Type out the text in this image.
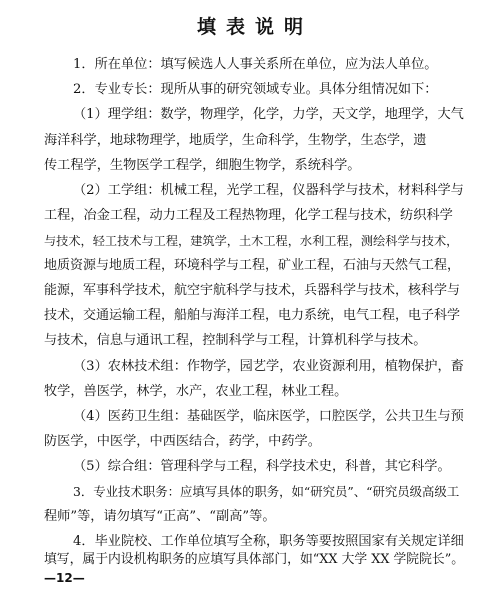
填表说明
1．所在单位：填写候选人人事关系所在单位，应为法人单位。
2．专业专长：现所从事的研究领域专业。具体分组情况如下：
（1）理学组：数学，物理学，化学，力学，天文学，地理学，大气
海洋科学，地球物理学，地质学，生命科学，生物学，生态学，遗
传工程学，生物医学工程学，细胞生物学，系统科学。
（2）工学组：机械工程，光学工程，仪器科学与技术，材料科学与
工程，冶金工程，动力工程及工程热物理，化学工程与技术，纺织科学
与技术，轻工技术与工程，建筑学，土木工程，水利工程，测绘科学与技术，
地质资源与地质工程，环境科学与工程，矿业工程，石油与天然气工程，
能源，军事科学技术，航空宇航科学与技术，兵器科学与技术，核科学与
技术，交通运输工程，船舶与海洋工程，电力系统，电气工程，电子科学
与技术，信息与通讯工程，控制科学与工程，计算机科学与技术。
（3）农林技术组：作物学，园艺学，农业资源利用，植物保护，畜
牧学，兽医学，林学，水产，农业工程，林业工程。
（4）医药卫生组：基础医学，临床医学，口腔医学，公共卫生与预
防医学，中医学，中西医结合，药学，中药学。
（5）综合组：管理科学与工程，科学技术史，科普，其它科学。
3．专业技术职务：应填写具体的职务，如“研究员”、“研究员级高级工
程师”等，请勿填写“正高”、“副高”等。
4．毕业院校、工作单位填写全称，职务等要按照国家有关规定详细
填写，属于内设机构职务的应填写具体部门，如“XX 大学 XX 学院院长”。
—12—
